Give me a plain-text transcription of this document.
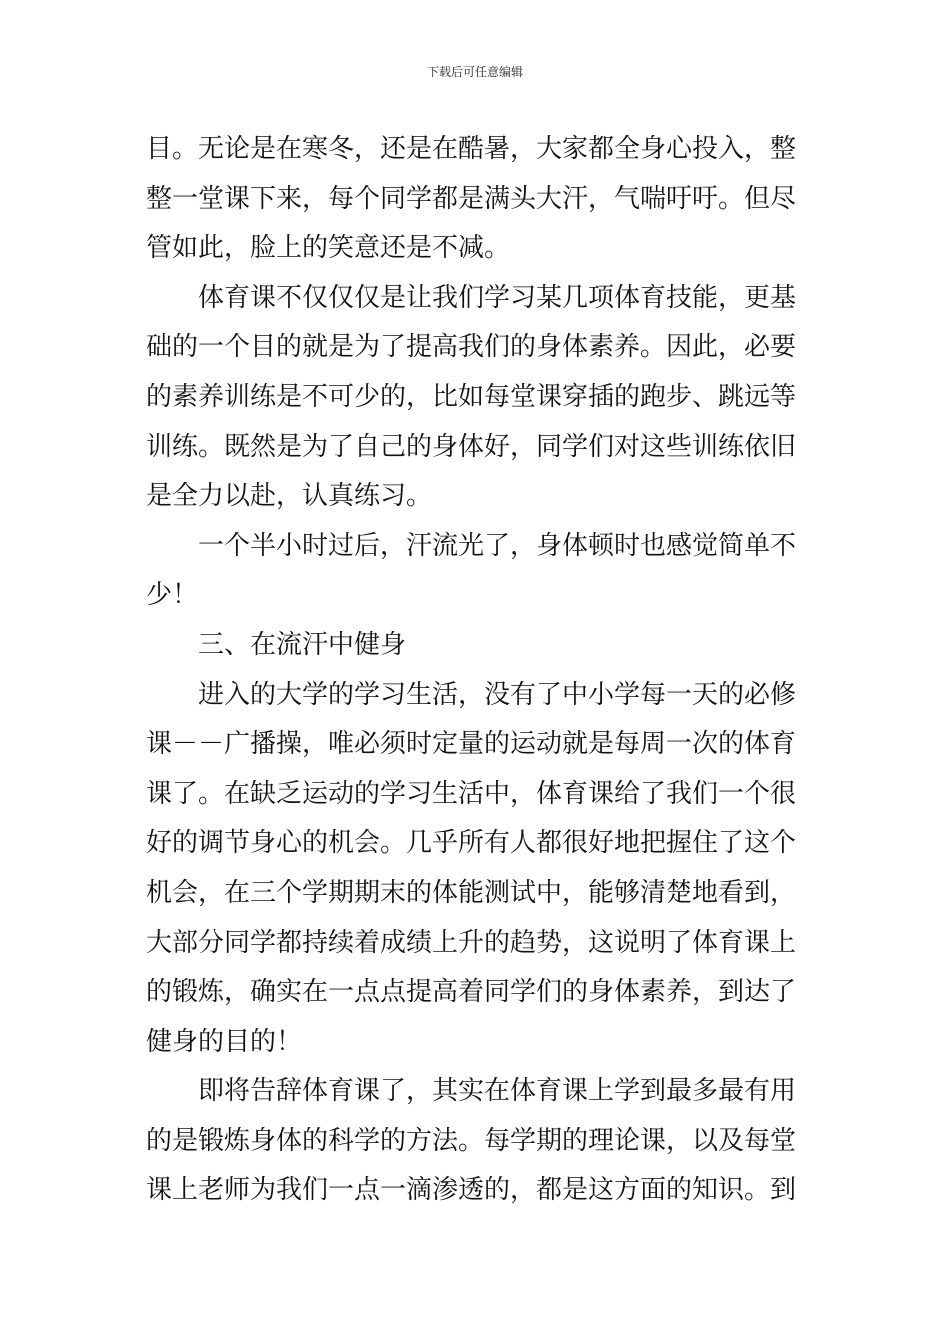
下载后可任意编辑
目。无论是在寒冬，还是在酷暑，大家都全身心投入，整
整一堂课下来，每个同学都是满头大汗，气喘吁吁。但尽
管如此，脸上的笑意还是不减。
体育课不仅仅仅是让我们学习某几项体育技能，更基
础的一个目的就是为了提高我们的身体素养。因此，必要
的素养训练是不可少的，比如每堂课穿插的跑步、跳远等
训练。既然是为了自己的身体好，同学们对这些训练依旧
是全力以赴，认真练习。
一个半小时过后，汗流光了，身体顿时也感觉简单不
少！
三、在流汗中健身
进入的大学的学习生活，没有了中小学每一天的必修
课－－广播操，唯必须时定量的运动就是每周一次的体育
课了。在缺乏运动的学习生活中，体育课给了我们一个很
好的调节身心的机会。几乎所有人都很好地把握住了这个
机会，在三个学期期末的体能测试中，能够清楚地看到，
大部分同学都持续着成绩上升的趋势，这说明了体育课上
的锻炼，确实在一点点提高着同学们的身体素养，到达了
健身的目的！
即将告辞体育课了，其实在体育课上学到最多最有用
的是锻炼身体的科学的方法。每学期的理论课，以及每堂
课上老师为我们一点一滴渗透的，都是这方面的知识。到
